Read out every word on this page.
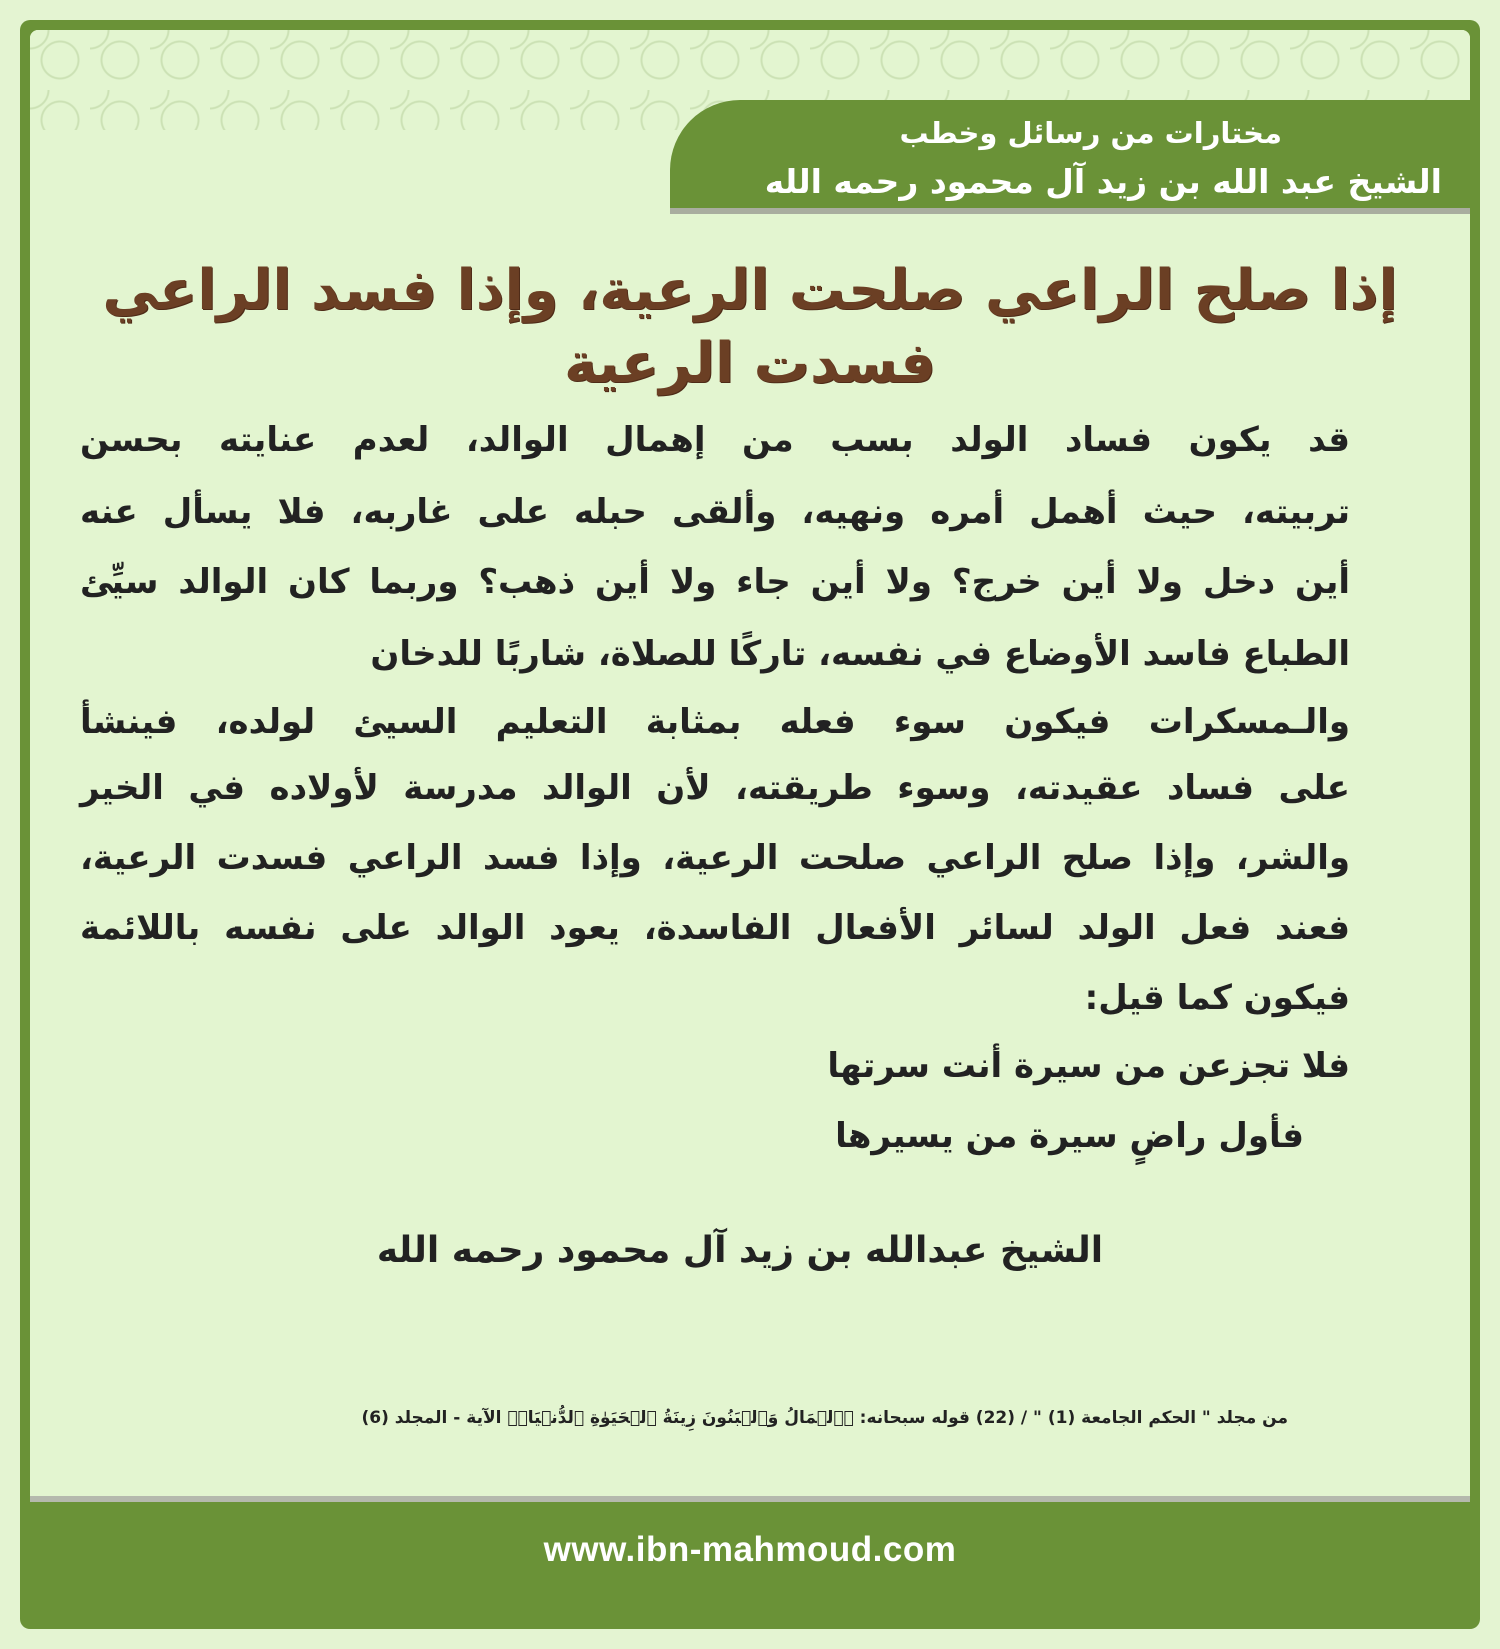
مختارات من رسائل وخطب
الشيخ عبد الله بن زيد آل محمود رحمه الله
إذا صلح الراعي صلحت الرعية، وإذا فسد الراعي
فسدت الرعية
قد يكون فساد الولد بسب من إهمال الوالد، لعدم عنايته بحسن
تربيته، حيث أهمل أمره ونهيه، وألقى حبله على غاربه، فلا يسأل عنه
أين دخل ولا أين خرج؟ ولا أين جاء ولا أين ذهب؟ وربما كان الوالد سيِّئ
الطباع فاسد الأوضاع في نفسه، تاركًا للصلاة، شاربًا للدخان
والـمسكرات فيكون سوء فعله بمثابة التعليم السيئ لولده، فينشأ
على فساد عقيدته، وسوء طريقته، لأن الوالد مدرسة لأولاده في الخير
والشر، وإذا صلح الراعي صلحت الرعية، وإذا فسد الراعي فسدت الرعية،
فعند فعل الولد لسائر الأفعال الفاسدة، يعود الوالد على نفسه باللائمة
فيكون كما قيل:
فلا تجزعن من سيرة أنت سرتها
فأول راضٍ سيرة من يسيرها
الشيخ عبدالله بن زيد آل محمود رحمه الله
من مجلد " الحكم الجامعة (1) " / (22) قوله سبحانه: ﴿ٱلۡمَالُ وَٱلۡبَنُونَ زِينَةُ ٱلۡحَيَوٰةِ ٱلدُّنۡيَاۖ﴾ الآية - المجلد (6)
www.ibn-mahmoud.com
